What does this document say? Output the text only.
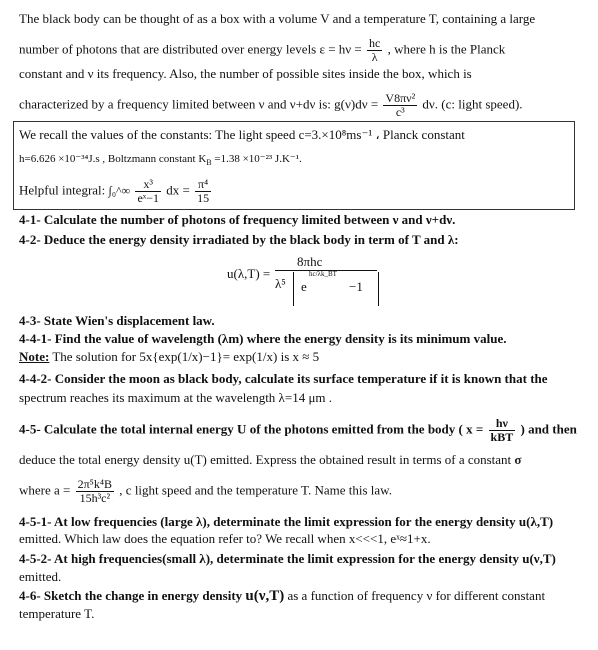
The black body can be thought of as a box with a volume V and a temperature T, containing a large
number of photons that are distributed over energy levels $\varepsilon = h\nu = \frac{hc}{\lambda}$ , where h is the Planck
constant and ν its frequency. Also, the number of possible sites inside the box, which is
characterized by a frequency limited between ν and ν+dν is: $g(\nu)d\nu = \frac{\text{V8πν²}}{\text{c³}} d\nu$. (c: light speed).
We recall the values of the constants: The light speed c=3.×10⁸ms⁻¹ ، Planck constant
h=6.626 ×10⁻³⁴J.s , Boltzmann constant $K_B =1.38 \times 10^{-23}$ J.K⁻¹.
Helpful integral: ∫₀^∞ $\frac{\text{x³}}{\text{eˣ−1}}$ dx = $\frac{\text{π⁴}}{15}$
4-1- Calculate the number of photons of frequency limited between ν and ν+dν.
4-2- Deduce the energy density irradiated by the black body in term of T and λ:
u(λ,T) =
8πhc
λ⁵ e
hc/λk_BT
−1
4-3- State Wien's displacement law.
4-4-1- Find the value of wavelength (λm) where the energy density is its minimum value.
Note: The solution for 5x{exp(1/x)−1}= exp(1/x) is x ≈ 5
4-4-2- Consider the moon as black body, calculate its surface temperature if it is known that the
spectrum reaches its maximum at the wavelength λ=14 μm .
4-5- Calculate the total internal energy U of the photons emitted from the body ( $x = \frac{h\nu}{\text{kBT}}$ ) and then
deduce the total energy density u(T) emitted. Express the obtained result in terms of a constant σ
where $a = \frac{\text{2π⁵k⁴B}}{\text{15h³c²}}$ , c light speed and the temperature T. Name this law.
4-5-1- At low frequencies (large λ), determinate the limit expression for the energy density u(λ,T)
emitted. Which law does the equation refer to? We recall when x<<<1, eˣ≈1+x.
4-5-2- At high frequencies(small λ), determinate the limit expression for the energy density u(ν,T)
emitted.
4-6- Sketch the change in energy density u(ν,T) as a function of frequency ν for different constant
temperature T.
